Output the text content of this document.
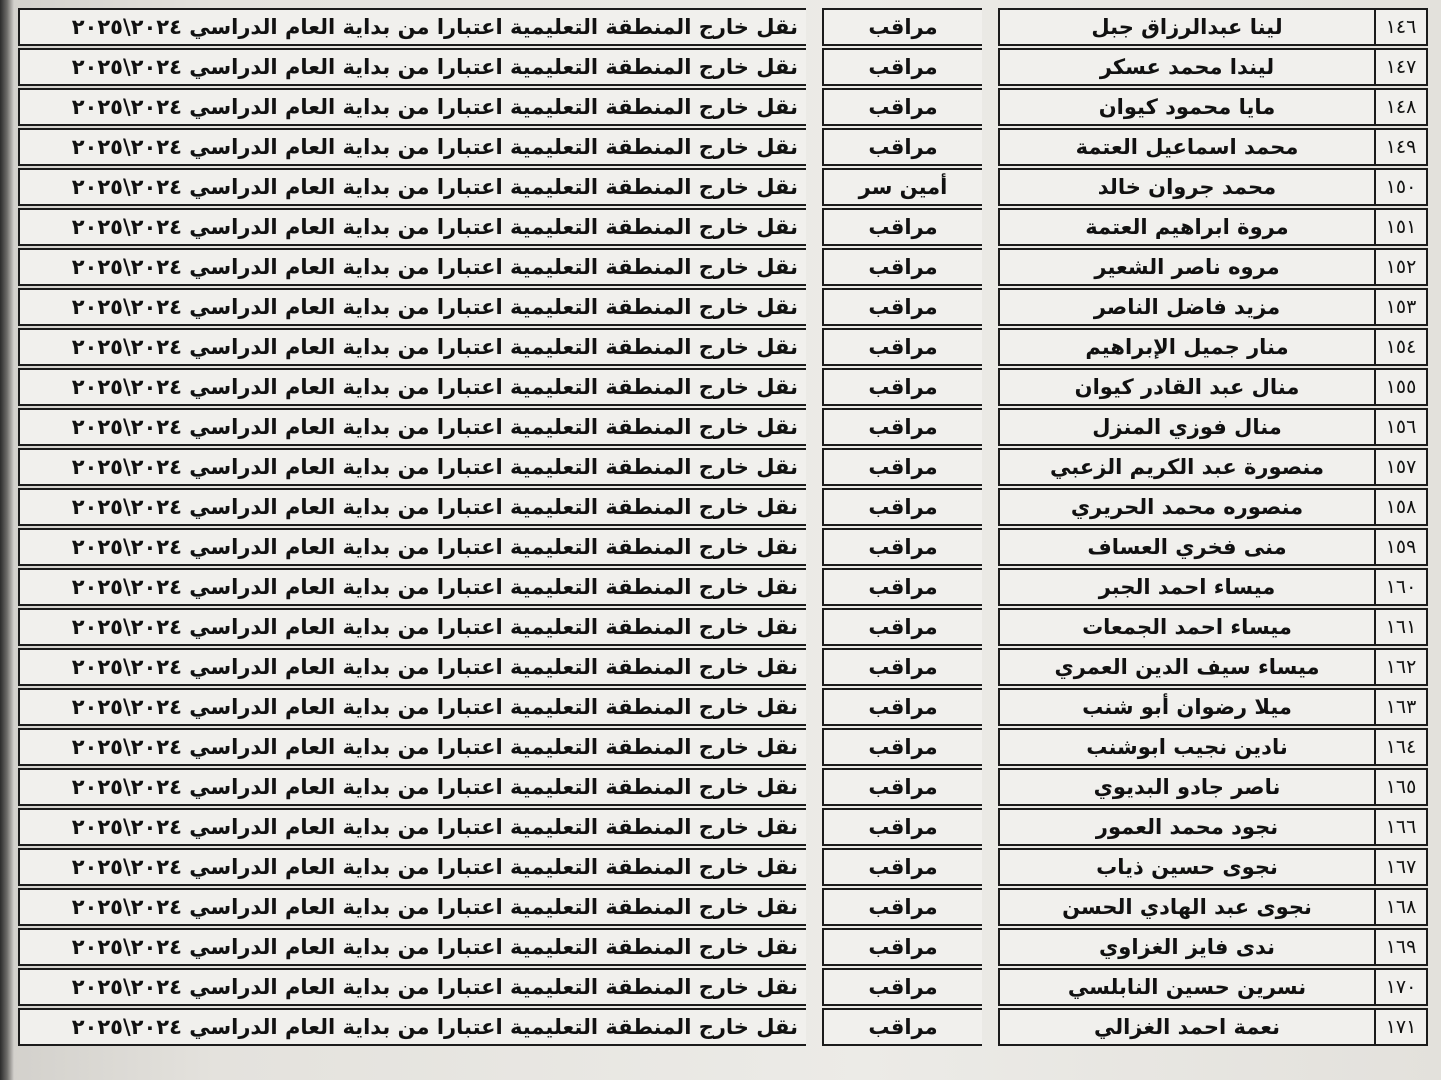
١٤٦	لينا عبدالرزاق جبل		مراقب		نقل خارج المنطقة التعليمية اعتبارا من بداية العام الدراسي ٢٠٢٤\٢٠٢٥
١٤٧	ليندا محمد عسكر		مراقب		نقل خارج المنطقة التعليمية اعتبارا من بداية العام الدراسي ٢٠٢٤\٢٠٢٥
١٤٨	مايا محمود كيوان		مراقب		نقل خارج المنطقة التعليمية اعتبارا من بداية العام الدراسي ٢٠٢٤\٢٠٢٥
١٤٩	محمد اسماعيل العتمة		مراقب		نقل خارج المنطقة التعليمية اعتبارا من بداية العام الدراسي ٢٠٢٤\٢٠٢٥
١٥٠	محمد جروان خالد		أمين سر		نقل خارج المنطقة التعليمية اعتبارا من بداية العام الدراسي ٢٠٢٤\٢٠٢٥
١٥١	مروة ابراهيم العتمة		مراقب		نقل خارج المنطقة التعليمية اعتبارا من بداية العام الدراسي ٢٠٢٤\٢٠٢٥
١٥٢	مروه ناصر الشعير		مراقب		نقل خارج المنطقة التعليمية اعتبارا من بداية العام الدراسي ٢٠٢٤\٢٠٢٥
١٥٣	مزيد فاضل الناصر		مراقب		نقل خارج المنطقة التعليمية اعتبارا من بداية العام الدراسي ٢٠٢٤\٢٠٢٥
١٥٤	منار جميل الإبراهيم		مراقب		نقل خارج المنطقة التعليمية اعتبارا من بداية العام الدراسي ٢٠٢٤\٢٠٢٥
١٥٥	منال عبد القادر كيوان		مراقب		نقل خارج المنطقة التعليمية اعتبارا من بداية العام الدراسي ٢٠٢٤\٢٠٢٥
١٥٦	منال فوزي المنزل		مراقب		نقل خارج المنطقة التعليمية اعتبارا من بداية العام الدراسي ٢٠٢٤\٢٠٢٥
١٥٧	منصورة عبد الكريم الزعبي		مراقب		نقل خارج المنطقة التعليمية اعتبارا من بداية العام الدراسي ٢٠٢٤\٢٠٢٥
١٥٨	منصوره محمد الحريري		مراقب		نقل خارج المنطقة التعليمية اعتبارا من بداية العام الدراسي ٢٠٢٤\٢٠٢٥
١٥٩	منى فخري العساف		مراقب		نقل خارج المنطقة التعليمية اعتبارا من بداية العام الدراسي ٢٠٢٤\٢٠٢٥
١٦٠	ميساء احمد الجبر		مراقب		نقل خارج المنطقة التعليمية اعتبارا من بداية العام الدراسي ٢٠٢٤\٢٠٢٥
١٦١	ميساء احمد الجمعات		مراقب		نقل خارج المنطقة التعليمية اعتبارا من بداية العام الدراسي ٢٠٢٤\٢٠٢٥
١٦٢	ميساء سيف الدين العمري		مراقب		نقل خارج المنطقة التعليمية اعتبارا من بداية العام الدراسي ٢٠٢٤\٢٠٢٥
١٦٣	ميلا رضوان أبو شنب		مراقب		نقل خارج المنطقة التعليمية اعتبارا من بداية العام الدراسي ٢٠٢٤\٢٠٢٥
١٦٤	نادين نجيب ابوشنب		مراقب		نقل خارج المنطقة التعليمية اعتبارا من بداية العام الدراسي ٢٠٢٤\٢٠٢٥
١٦٥	ناصر جادو البديوي		مراقب		نقل خارج المنطقة التعليمية اعتبارا من بداية العام الدراسي ٢٠٢٤\٢٠٢٥
١٦٦	نجود محمد العمور		مراقب		نقل خارج المنطقة التعليمية اعتبارا من بداية العام الدراسي ٢٠٢٤\٢٠٢٥
١٦٧	نجوى حسين ذياب		مراقب		نقل خارج المنطقة التعليمية اعتبارا من بداية العام الدراسي ٢٠٢٤\٢٠٢٥
١٦٨	نجوى عبد الهادي الحسن		مراقب		نقل خارج المنطقة التعليمية اعتبارا من بداية العام الدراسي ٢٠٢٤\٢٠٢٥
١٦٩	ندى فايز الغزاوي		مراقب		نقل خارج المنطقة التعليمية اعتبارا من بداية العام الدراسي ٢٠٢٤\٢٠٢٥
١٧٠	نسرين حسين النابلسي		مراقب		نقل خارج المنطقة التعليمية اعتبارا من بداية العام الدراسي ٢٠٢٤\٢٠٢٥
١٧١	نعمة احمد الغزالي		مراقب		نقل خارج المنطقة التعليمية اعتبارا من بداية العام الدراسي ٢٠٢٤\٢٠٢٥
